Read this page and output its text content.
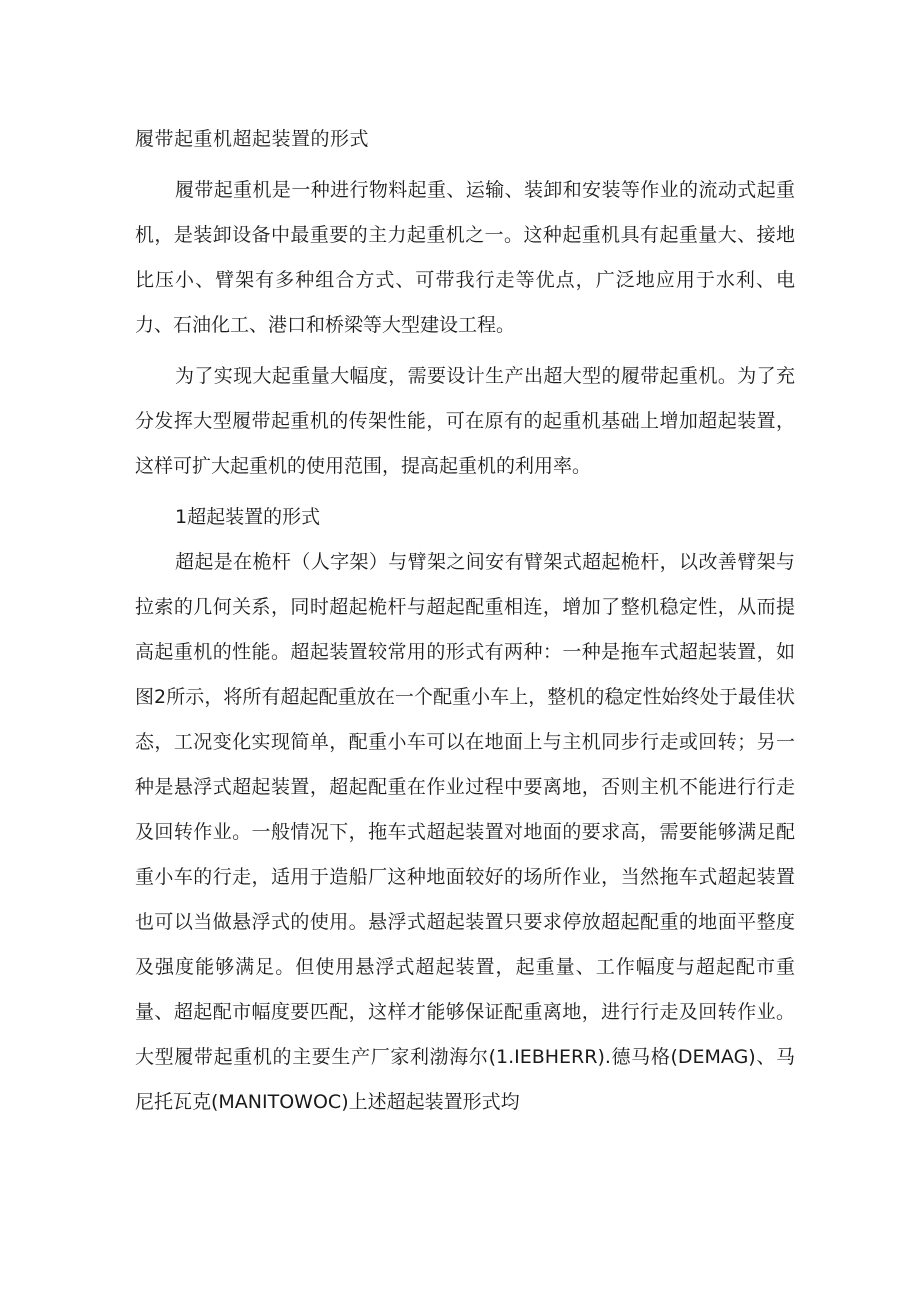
履带起重机超起装置的形式

履带起重机是一种进行物料起重、运输、装卸和安装等作业的流动式起重机，是装卸设备中最重要的主力起重机之一。这种起重机具有起重量大、接地比压小、臂架有多种组合方式、可带我行走等优点，广泛地应用于水利、电力、石油化工、港口和桥梁等大型建设工程。

为了实现大起重量大幅度，需要设计生产出超大型的履带起重机。为了充分发挥大型履带起重机的传架性能，可在原有的起重机基础上增加超起装置，这样可扩大起重机的使用范围，提高起重机的利用率。

1超起装置的形式

超起是在桅杆（人字架）与臂架之间安有臂架式超起桅杆，以改善臂架与拉索的几何关系，同时超起桅杆与超起配重相连，增加了整机稳定性，从而提高起重机的性能。超起装置较常用的形式有两种：一种是拖车式超起装置，如图2所示，将所有超起配重放在一个配重小车上，整机的稳定性始终处于最佳状态，工况变化实现简单，配重小车可以在地面上与主机同步行走或回转；另一种是悬浮式超起装置，超起配重在作业过程中要离地，否则主机不能进行行走及回转作业。一般情况下，拖车式超起装置对地面的要求高，需要能够满足配重小车的行走，适用于造船厂这种地面较好的场所作业，当然拖车式超起装置也可以当做悬浮式的使用。悬浮式超起装置只要求停放超起配重的地面平整度及强度能够满足。但使用悬浮式超起装置，起重量、工作幅度与超起配市重量、超起配市幅度要匹配，这样才能够保证配重离地，进行行走及回转作业。大型履带起重机的主要生产厂家利渤海尔(1.IEBHERR).德马格(DEMAG)、马尼托瓦克(MANITOWOC)上述超起装置形式均
